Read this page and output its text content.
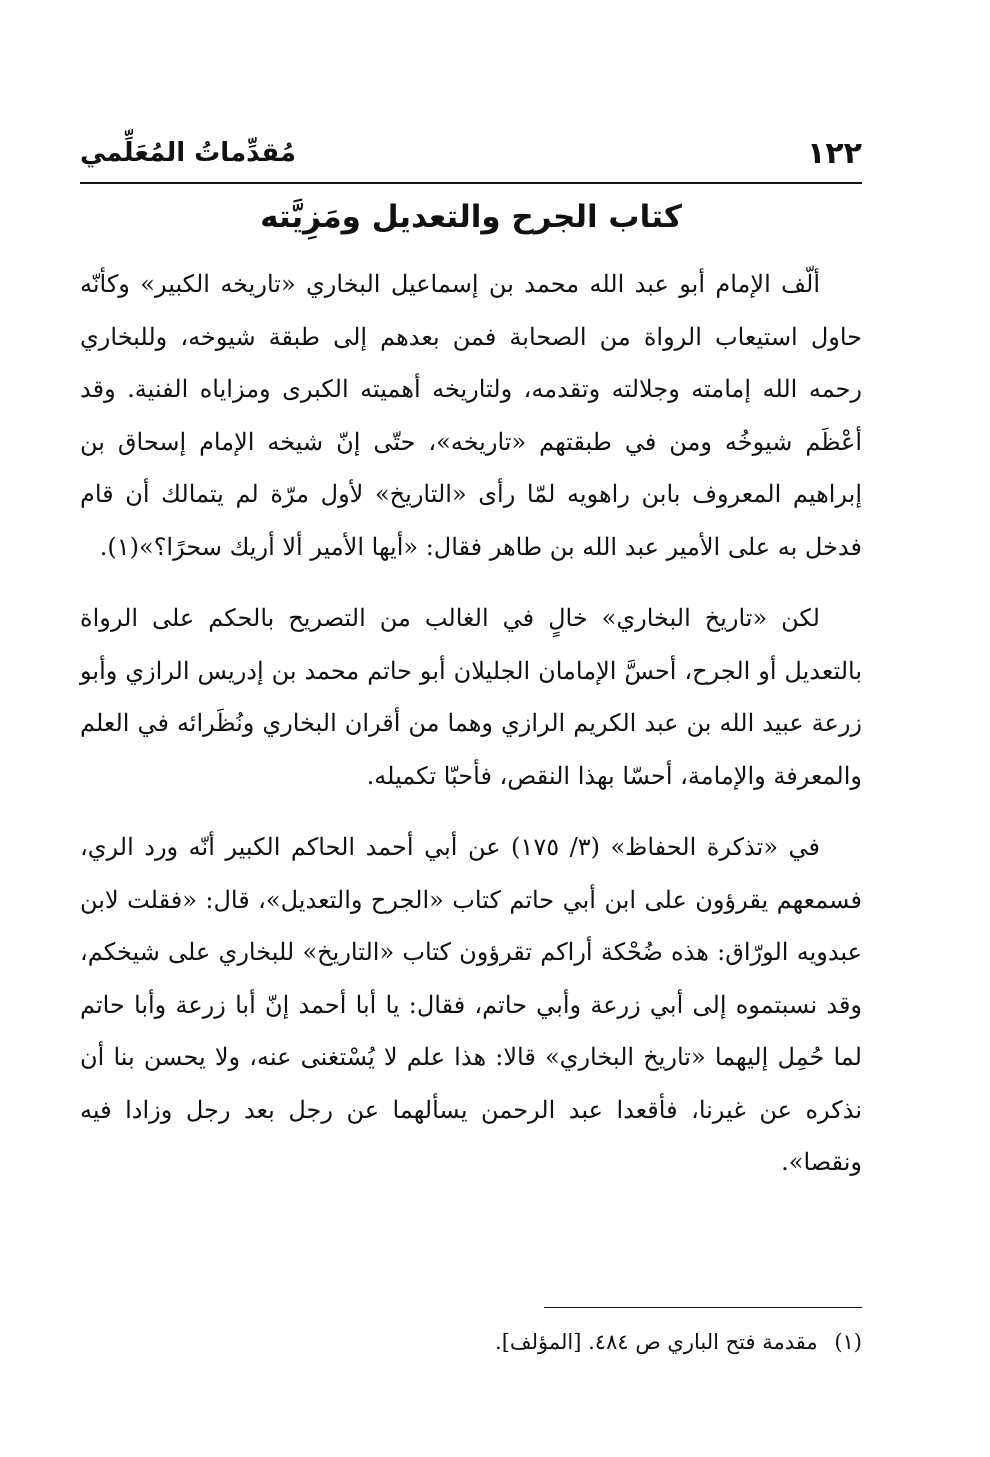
١٢٢
مُقدِّماتُ المُعَلِّمي
كتاب الجرح والتعديل ومَزِيَّته

ألّف الإمام أبو عبد الله محمد بن إسماعيل البخاري «تاريخه الكبير» وكأنّه حاول استيعاب الرواة من الصحابة فمن بعدهم إلى طبقة شيوخه، وللبخاري رحمه الله إمامته وجلالته وتقدمه، ولتاريخه أهميته الكبرى ومزاياه الفنية. وقد أعْظَم شيوخُه ومن في طبقتهم «تاريخه»، حتّى إنّ شيخه الإمام إسحاق بن إبراهيم المعروف بابن راهويه لمّا رأى «التاريخ» لأول مرّة لم يتمالك أن قام فدخل به على الأمير عبد الله بن طاهر فقال: «أيها الأمير ألا أريك سحرًا؟»(١).

لكن «تاريخ البخاري» خالٍ في الغالب من التصريح بالحكم على الرواة بالتعديل أو الجرح، أحسَّ الإمامان الجليلان أبو حاتم محمد بن إدريس الرازي وأبو زرعة عبيد الله بن عبد الكريم الرازي وهما من أقران البخاري ونُظَرائه في العلم والمعرفة والإمامة، أحسّا بهذا النقص، فأحبّا تكميله.

في «تذكرة الحفاظ» (٣/ ١٧٥) عن أبي أحمد الحاكم الكبير أنّه ورد الري، فسمعهم يقرؤون على ابن أبي حاتم كتاب «الجرح والتعديل»، قال: «فقلت لابن عبدويه الورّاق: هذه ضُحْكة أراكم تقرؤون كتاب «التاريخ» للبخاري على شيخكم، وقد نسبتموه إلى أبي زرعة وأبي حاتم، فقال: يا أبا أحمد إنّ أبا زرعة وأبا حاتم لما حُمِل إليهما «تاريخ البخاري» قالا: هذا علم لا يُسْتغنى عنه، ولا يحسن بنا أن نذكره عن غيرنا، فأقعدا عبد الرحمن يسألهما عن رجل بعد رجل وزادا فيه ونقصا».

(١) مقدمة فتح الباري ص ٤٨٤. [المؤلف].
